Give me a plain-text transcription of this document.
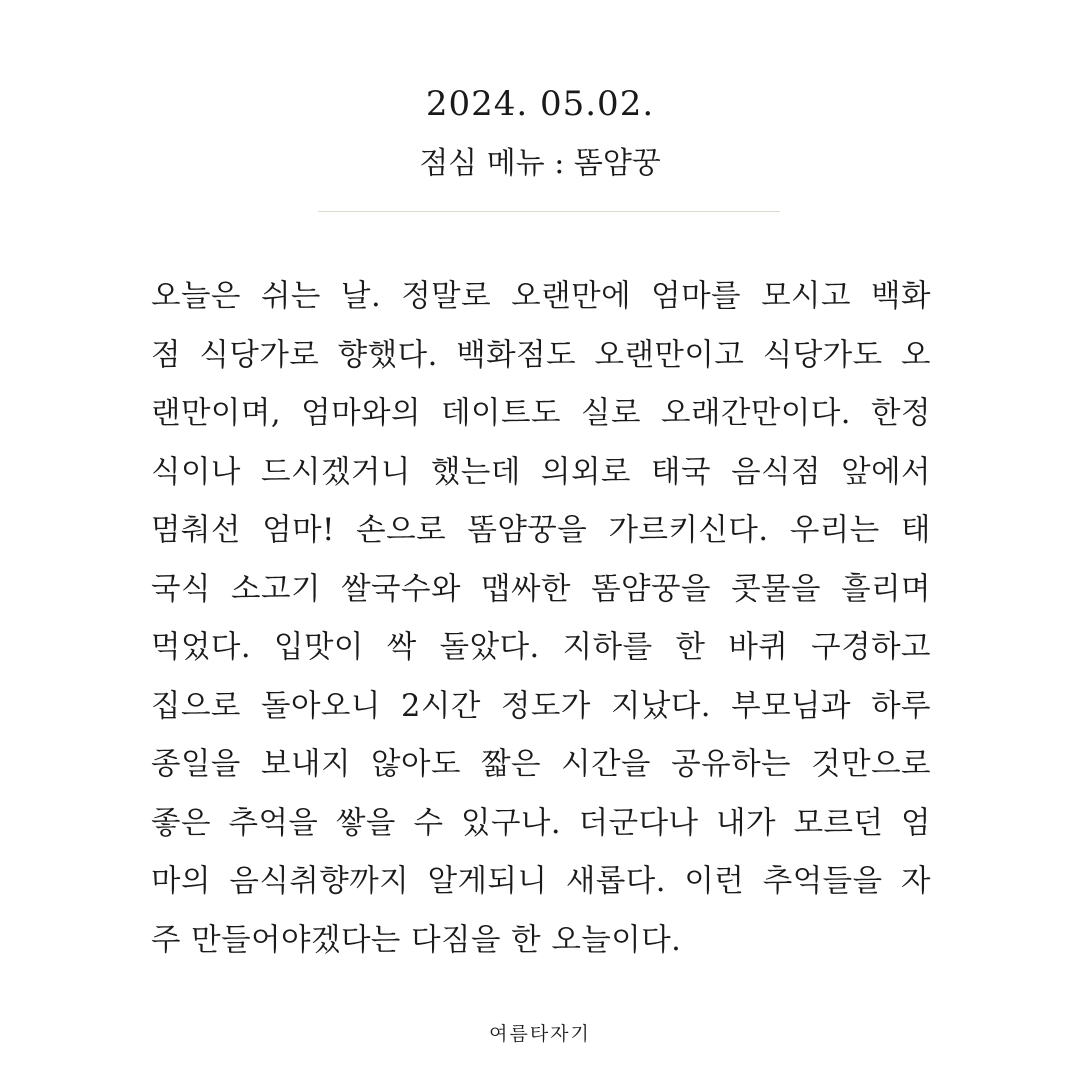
2024. 05.02.
점심 메뉴 : 똠얌꿍
오늘은 쉬는 날. 정말로 오랜만에 엄마를 모시고 백화
점 식당가로 향했다. 백화점도 오랜만이고 식당가도 오
랜만이며, 엄마와의 데이트도 실로 오래간만이다. 한정
식이나 드시겠거니 했는데 의외로 태국 음식점 앞에서
멈춰선 엄마! 손으로 똠얌꿍을 가르키신다. 우리는 태
국식 소고기 쌀국수와 맵싸한 똠얌꿍을 콧물을 흘리며
먹었다. 입맛이 싹 돌았다. 지하를 한 바퀴 구경하고
집으로 돌아오니 2시간 정도가 지났다. 부모님과 하루
종일을 보내지 않아도 짧은 시간을 공유하는 것만으로
좋은 추억을 쌓을 수 있구나. 더군다나 내가 모르던 엄
마의 음식취향까지 알게되니 새롭다. 이런 추억들을 자
주 만들어야겠다는 다짐을 한 오늘이다.
여름타자기
